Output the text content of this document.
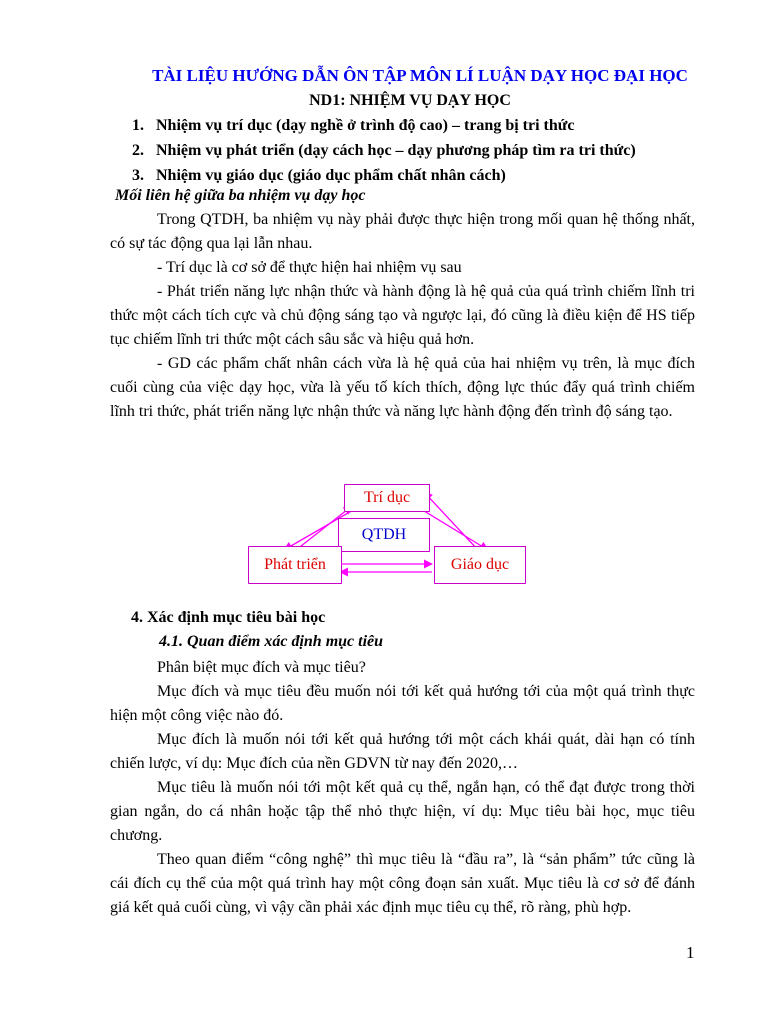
TÀI LIỆU HƯỚNG DẪN ÔN TẬP MÔN LÍ LUẬN DẠY HỌC ĐẠI HỌC
ND1: NHIỆM VỤ DẠY HỌC
1. Nhiệm vụ trí dục (dạy nghề ở trình độ cao) – trang bị tri thức
2. Nhiệm vụ phát triển (dạy cách học – dạy phương pháp tìm ra tri thức)
3. Nhiệm vụ giáo dục (giáo dục phẩm chất nhân cách)
Mối liên hệ giữa ba nhiệm vụ dạy học

Trong QTDH, ba nhiệm vụ này phải được thực hiện trong mối quan hệ thống nhất, có sự tác động qua lại lẫn nhau.

- Trí dục là cơ sở để thực hiện hai nhiệm vụ sau

- Phát triển năng lực nhận thức và hành động là hệ quả của quá trình chiếm lĩnh tri thức một cách tích cực và chủ động sáng tạo và ngược lại, đó cũng là điều kiện để HS tiếp tục chiếm lĩnh tri thức một cách sâu sắc và hiệu quả hơn.

- GD các phẩm chất nhân cách vừa là hệ quả của hai nhiệm vụ trên, là mục đích cuối cùng của việc dạy học, vừa là yếu tố kích thích, động lực thúc đẩy quá trình chiếm lĩnh tri thức, phát triển năng lực nhận thức và năng lực hành động đến trình độ sáng tạo.

Trí dục
QTDH
Phát triển	Giáo dục
4. Xác định mục tiêu bài học
4.1. Quan điểm xác định mục tiêu

Phân biệt mục đích và mục tiêu?

Mục đích và mục tiêu đều muốn nói tới kết quả hướng tới của một quá trình thực hiện một công việc nào đó.

Mục đích là muốn nói tới kết quả hướng tới một cách khái quát, dài hạn có tính chiến lược, ví dụ: Mục đích của nền GDVN từ nay đến 2020,…

Mục tiêu là muốn nói tới một kết quả cụ thể, ngắn hạn, có thể đạt được trong thời gian ngắn, do cá nhân hoặc tập thể nhỏ thực hiện, ví dụ: Mục tiêu bài học, mục tiêu chương.

Theo quan điểm “công nghệ” thì mục tiêu là “đầu ra”, là “sản phẩm” tức cũng là cái đích cụ thể của một quá trình hay một công đoạn sản xuất. Mục tiêu là cơ sở để đánh giá kết quả cuối cùng, vì vậy cần phải xác định mục tiêu cụ thể, rõ ràng, phù hợp.

1
